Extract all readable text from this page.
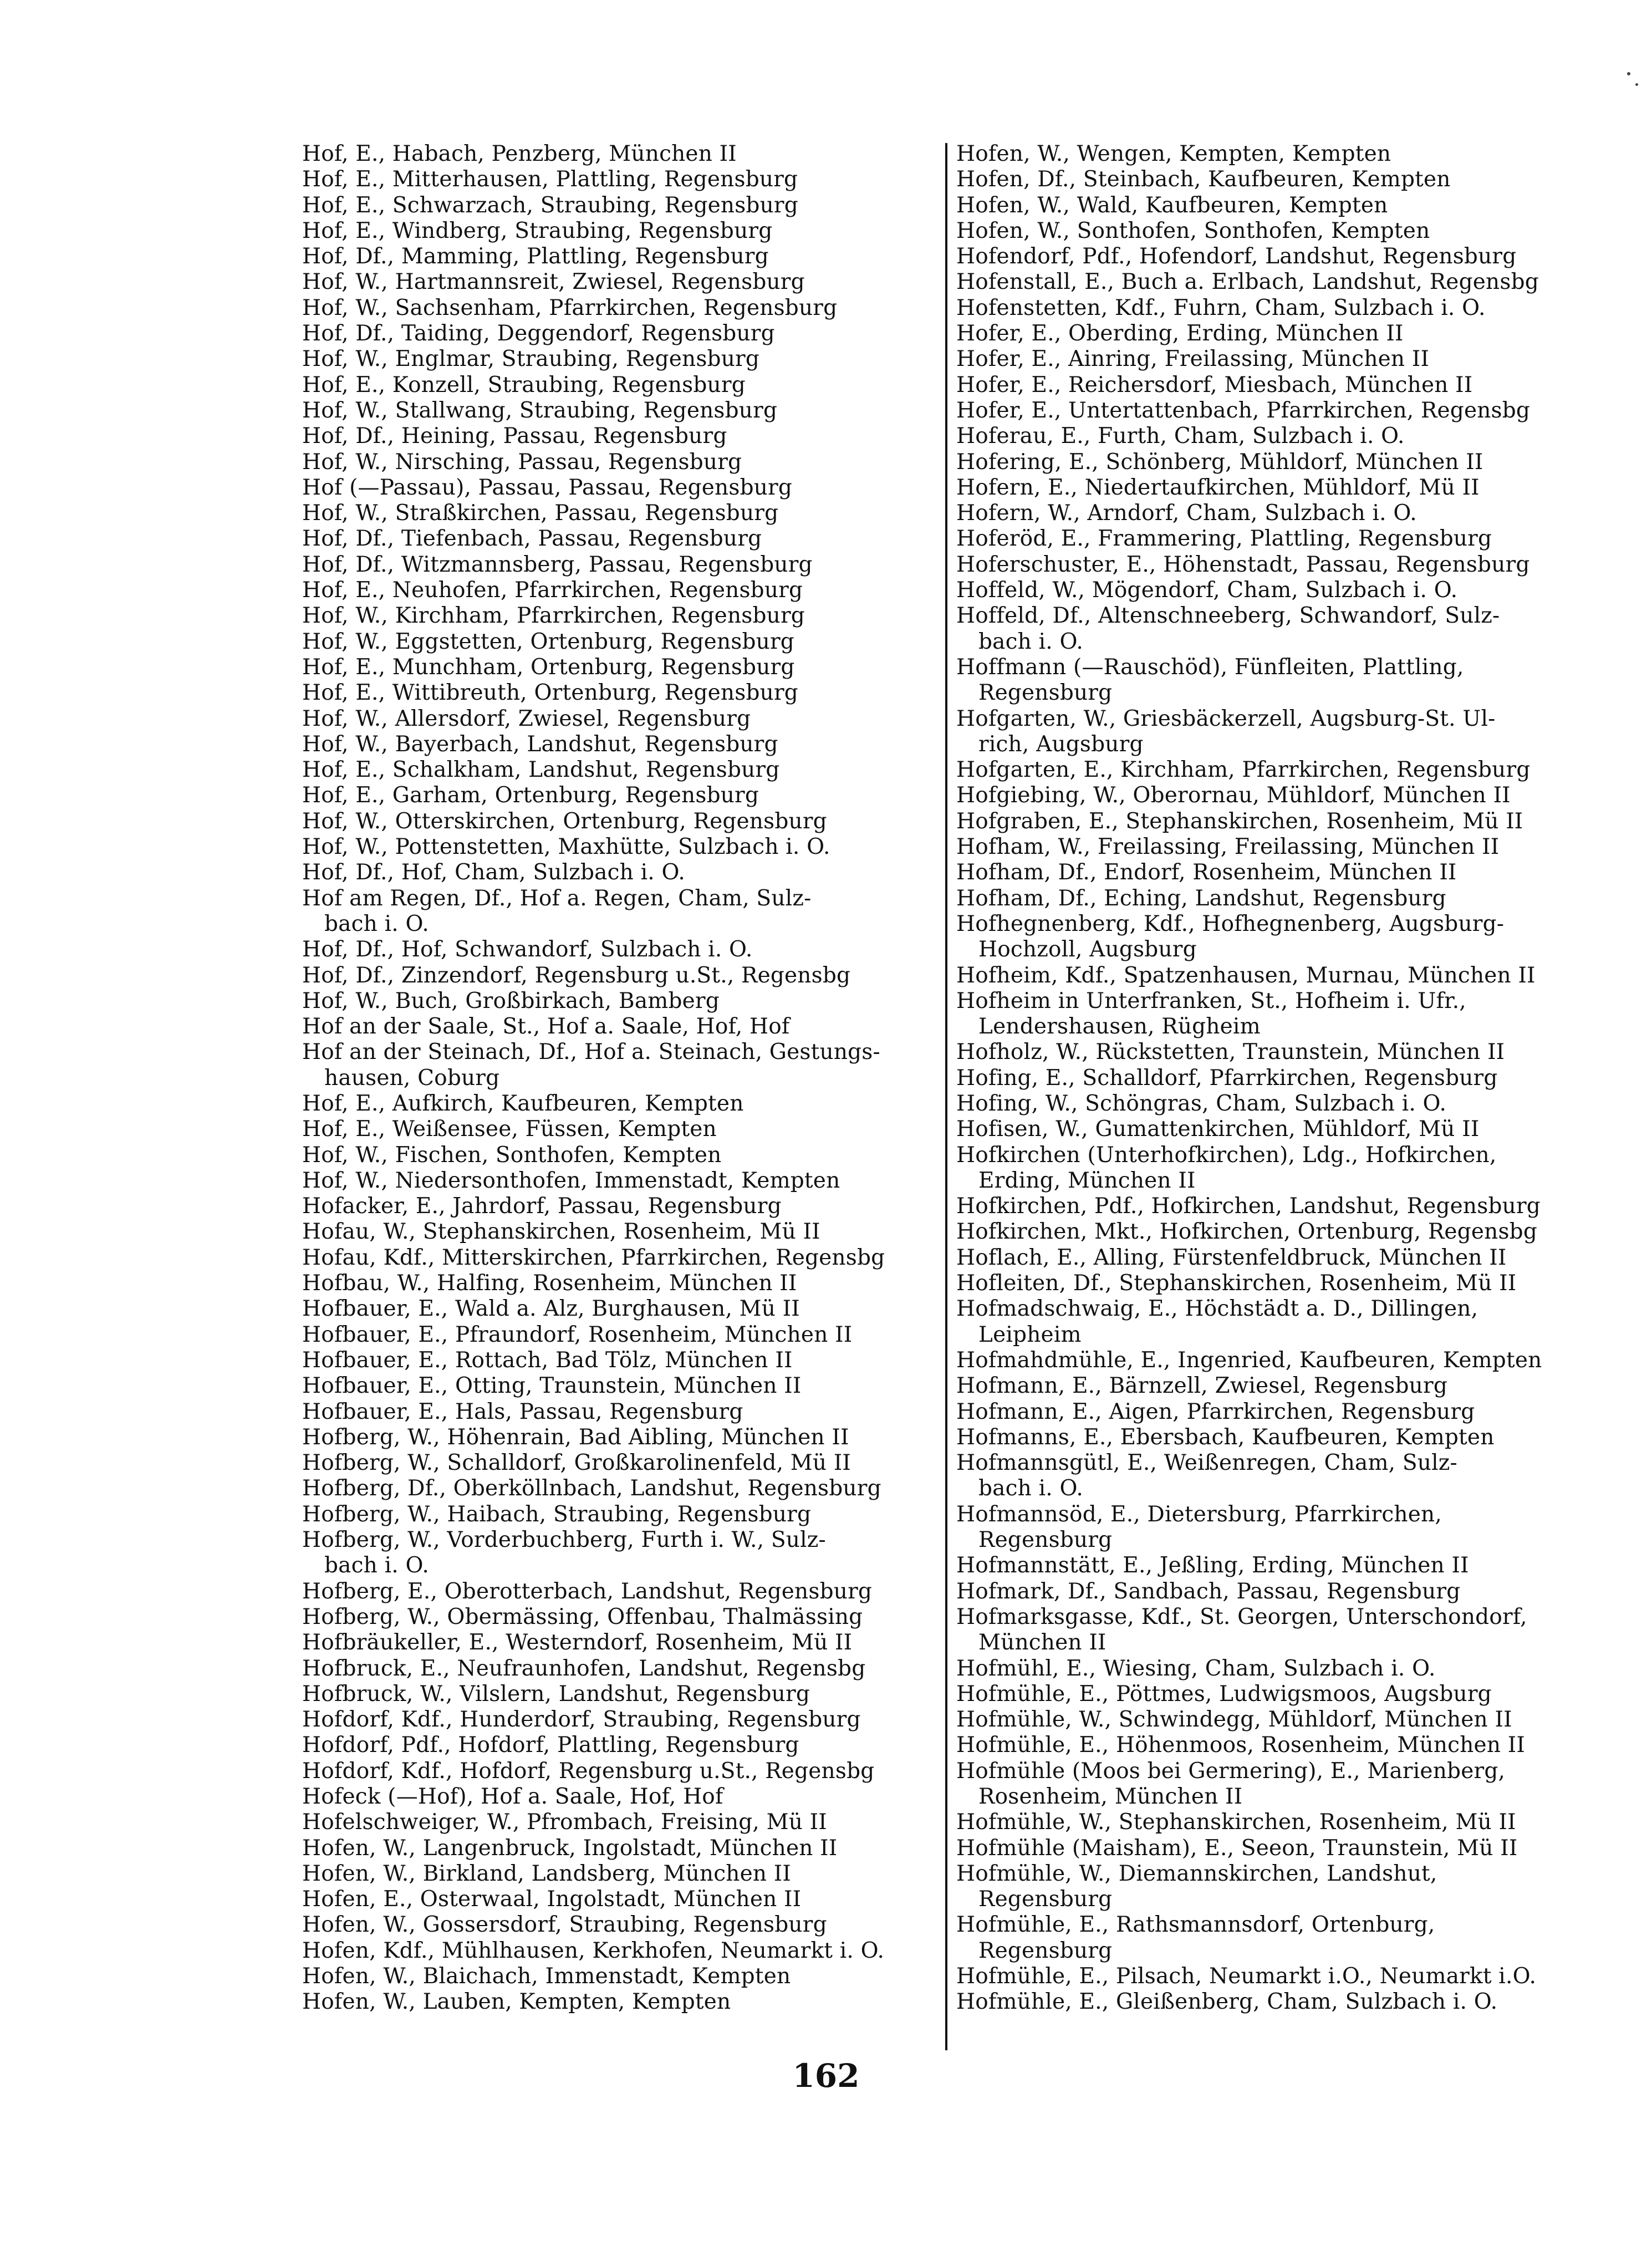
Hof, E., Habach, Penzberg, München II
Hof, E., Mitterhausen, Plattling, Regensburg
Hof, E., Schwarzach, Straubing, Regensburg
Hof, E., Windberg, Straubing, Regensburg
Hof, Df., Mamming, Plattling, Regensburg
Hof, W., Hartmannsreit, Zwiesel, Regensburg
Hof, W., Sachsenham, Pfarrkirchen, Regensburg
Hof, Df., Taiding, Deggendorf, Regensburg
Hof, W., Englmar, Straubing, Regensburg
Hof, E., Konzell, Straubing, Regensburg
Hof, W., Stallwang, Straubing, Regensburg
Hof, Df., Heining, Passau, Regensburg
Hof, W., Nirsching, Passau, Regensburg
Hof (—Passau), Passau, Passau, Regensburg
Hof, W., Straßkirchen, Passau, Regensburg
Hof, Df., Tiefenbach, Passau, Regensburg
Hof, Df., Witzmannsberg, Passau, Regensburg
Hof, E., Neuhofen, Pfarrkirchen, Regensburg
Hof, W., Kirchham, Pfarrkirchen, Regensburg
Hof, W., Eggstetten, Ortenburg, Regensburg
Hof, E., Munchham, Ortenburg, Regensburg
Hof, E., Wittibreuth, Ortenburg, Regensburg
Hof, W., Allersdorf, Zwiesel, Regensburg
Hof, W., Bayerbach, Landshut, Regensburg
Hof, E., Schalkham, Landshut, Regensburg
Hof, E., Garham, Ortenburg, Regensburg
Hof, W., Otterskirchen, Ortenburg, Regensburg
Hof, W., Pottenstetten, Maxhütte, Sulzbach i. O.
Hof, Df., Hof, Cham, Sulzbach i. O.
Hof am Regen, Df., Hof a. Regen, Cham, Sulz-
bach i. O.
Hof, Df., Hof, Schwandorf, Sulzbach i. O.
Hof, Df., Zinzendorf, Regensburg u.St., Regensbg
Hof, W., Buch, Großbirkach, Bamberg
Hof an der Saale, St., Hof a. Saale, Hof, Hof
Hof an der Steinach, Df., Hof a. Steinach, Gestungs-
hausen, Coburg
Hof, E., Aufkirch, Kaufbeuren, Kempten
Hof, E., Weißensee, Füssen, Kempten
Hof, W., Fischen, Sonthofen, Kempten
Hof, W., Niedersonthofen, Immenstadt, Kempten
Hofacker, E., Jahrdorf, Passau, Regensburg
Hofau, W., Stephanskirchen, Rosenheim, Mü II
Hofau, Kdf., Mitterskirchen, Pfarrkirchen, Regensbg
Hofbau, W., Halfing, Rosenheim, München II
Hofbauer, E., Wald a. Alz, Burghausen, Mü II
Hofbauer, E., Pfraundorf, Rosenheim, München II
Hofbauer, E., Rottach, Bad Tölz, München II
Hofbauer, E., Otting, Traunstein, München II
Hofbauer, E., Hals, Passau, Regensburg
Hofberg, W., Höhenrain, Bad Aibling, München II
Hofberg, W., Schalldorf, Großkarolinenfeld, Mü II
Hofberg, Df., Oberköllnbach, Landshut, Regensburg
Hofberg, W., Haibach, Straubing, Regensburg
Hofberg, W., Vorderbuchberg, Furth i. W., Sulz-
bach i. O.
Hofberg, E., Oberotterbach, Landshut, Regensburg
Hofberg, W., Obermässing, Offenbau, Thalmässing
Hofbräukeller, E., Westerndorf, Rosenheim, Mü II
Hofbruck, E., Neufraunhofen, Landshut, Regensbg
Hofbruck, W., Vilslern, Landshut, Regensburg
Hofdorf, Kdf., Hunderdorf, Straubing, Regensburg
Hofdorf, Pdf., Hofdorf, Plattling, Regensburg
Hofdorf, Kdf., Hofdorf, Regensburg u.St., Regensbg
Hofeck (—Hof), Hof a. Saale, Hof, Hof
Hofelschweiger, W., Pfrombach, Freising, Mü II
Hofen, W., Langenbruck, Ingolstadt, München II
Hofen, W., Birkland, Landsberg, München II
Hofen, E., Osterwaal, Ingolstadt, München II
Hofen, W., Gossersdorf, Straubing, Regensburg
Hofen, Kdf., Mühlhausen, Kerkhofen, Neumarkt i. O.
Hofen, W., Blaichach, Immenstadt, Kempten
Hofen, W., Lauben, Kempten, Kempten
Hofen, W., Wengen, Kempten, Kempten
Hofen, Df., Steinbach, Kaufbeuren, Kempten
Hofen, W., Wald, Kaufbeuren, Kempten
Hofen, W., Sonthofen, Sonthofen, Kempten
Hofendorf, Pdf., Hofendorf, Landshut, Regensburg
Hofenstall, E., Buch a. Erlbach, Landshut, Regensbg
Hofenstetten, Kdf., Fuhrn, Cham, Sulzbach i. O.
Hofer, E., Oberding, Erding, München II
Hofer, E., Ainring, Freilassing, München II
Hofer, E., Reichersdorf, Miesbach, München II
Hofer, E., Untertattenbach, Pfarrkirchen, Regensbg
Hoferau, E., Furth, Cham, Sulzbach i. O.
Hofering, E., Schönberg, Mühldorf, München II
Hofern, E., Niedertaufkirchen, Mühldorf, Mü II
Hofern, W., Arndorf, Cham, Sulzbach i. O.
Hoferöd, E., Frammering, Plattling, Regensburg
Hoferschuster, E., Höhenstadt, Passau, Regensburg
Hoffeld, W., Mögendorf, Cham, Sulzbach i. O.
Hoffeld, Df., Altenschneeberg, Schwandorf, Sulz-
bach i. O.
Hoffmann (—Rauschöd), Fünfleiten, Plattling,
Regensburg
Hofgarten, W., Griesbäckerzell, Augsburg-St. Ul-
rich, Augsburg
Hofgarten, E., Kirchham, Pfarrkirchen, Regensburg
Hofgiebing, W., Oberornau, Mühldorf, München II
Hofgraben, E., Stephanskirchen, Rosenheim, Mü II
Hofham, W., Freilassing, Freilassing, München II
Hofham, Df., Endorf, Rosenheim, München II
Hofham, Df., Eching, Landshut, Regensburg
Hofhegnenberg, Kdf., Hofhegnenberg, Augsburg-
Hochzoll, Augsburg
Hofheim, Kdf., Spatzenhausen, Murnau, München II
Hofheim in Unterfranken, St., Hofheim i. Ufr.,
Lendershausen, Rügheim
Hofholz, W., Rückstetten, Traunstein, München II
Hofing, E., Schalldorf, Pfarrkirchen, Regensburg
Hofing, W., Schöngras, Cham, Sulzbach i. O.
Hofisen, W., Gumattenkirchen, Mühldorf, Mü II
Hofkirchen (Unterhofkirchen), Ldg., Hofkirchen,
Erding, München II
Hofkirchen, Pdf., Hofkirchen, Landshut, Regensburg
Hofkirchen, Mkt., Hofkirchen, Ortenburg, Regensbg
Hoflach, E., Alling, Fürstenfeldbruck, München II
Hofleiten, Df., Stephanskirchen, Rosenheim, Mü II
Hofmadschwaig, E., Höchstädt a. D., Dillingen,
Leipheim
Hofmahdmühle, E., Ingenried, Kaufbeuren, Kempten
Hofmann, E., Bärnzell, Zwiesel, Regensburg
Hofmann, E., Aigen, Pfarrkirchen, Regensburg
Hofmanns, E., Ebersbach, Kaufbeuren, Kempten
Hofmannsgütl, E., Weißenregen, Cham, Sulz-
bach i. O.
Hofmannsöd, E., Dietersburg, Pfarrkirchen,
Regensburg
Hofmannstätt, E., Jeßling, Erding, München II
Hofmark, Df., Sandbach, Passau, Regensburg
Hofmarksgasse, Kdf., St. Georgen, Unterschondorf,
München II
Hofmühl, E., Wiesing, Cham, Sulzbach i. O.
Hofmühle, E., Pöttmes, Ludwigsmoos, Augsburg
Hofmühle, W., Schwindegg, Mühldorf, München II
Hofmühle, E., Höhenmoos, Rosenheim, München II
Hofmühle (Moos bei Germering), E., Marienberg,
Rosenheim, München II
Hofmühle, W., Stephanskirchen, Rosenheim, Mü II
Hofmühle (Maisham), E., Seeon, Traunstein, Mü II
Hofmühle, W., Diemannskirchen, Landshut,
Regensburg
Hofmühle, E., Rathsmannsdorf, Ortenburg,
Regensburg
Hofmühle, E., Pilsach, Neumarkt i.O., Neumarkt i.O.
Hofmühle, E., Gleißenberg, Cham, Sulzbach i. O.
162
